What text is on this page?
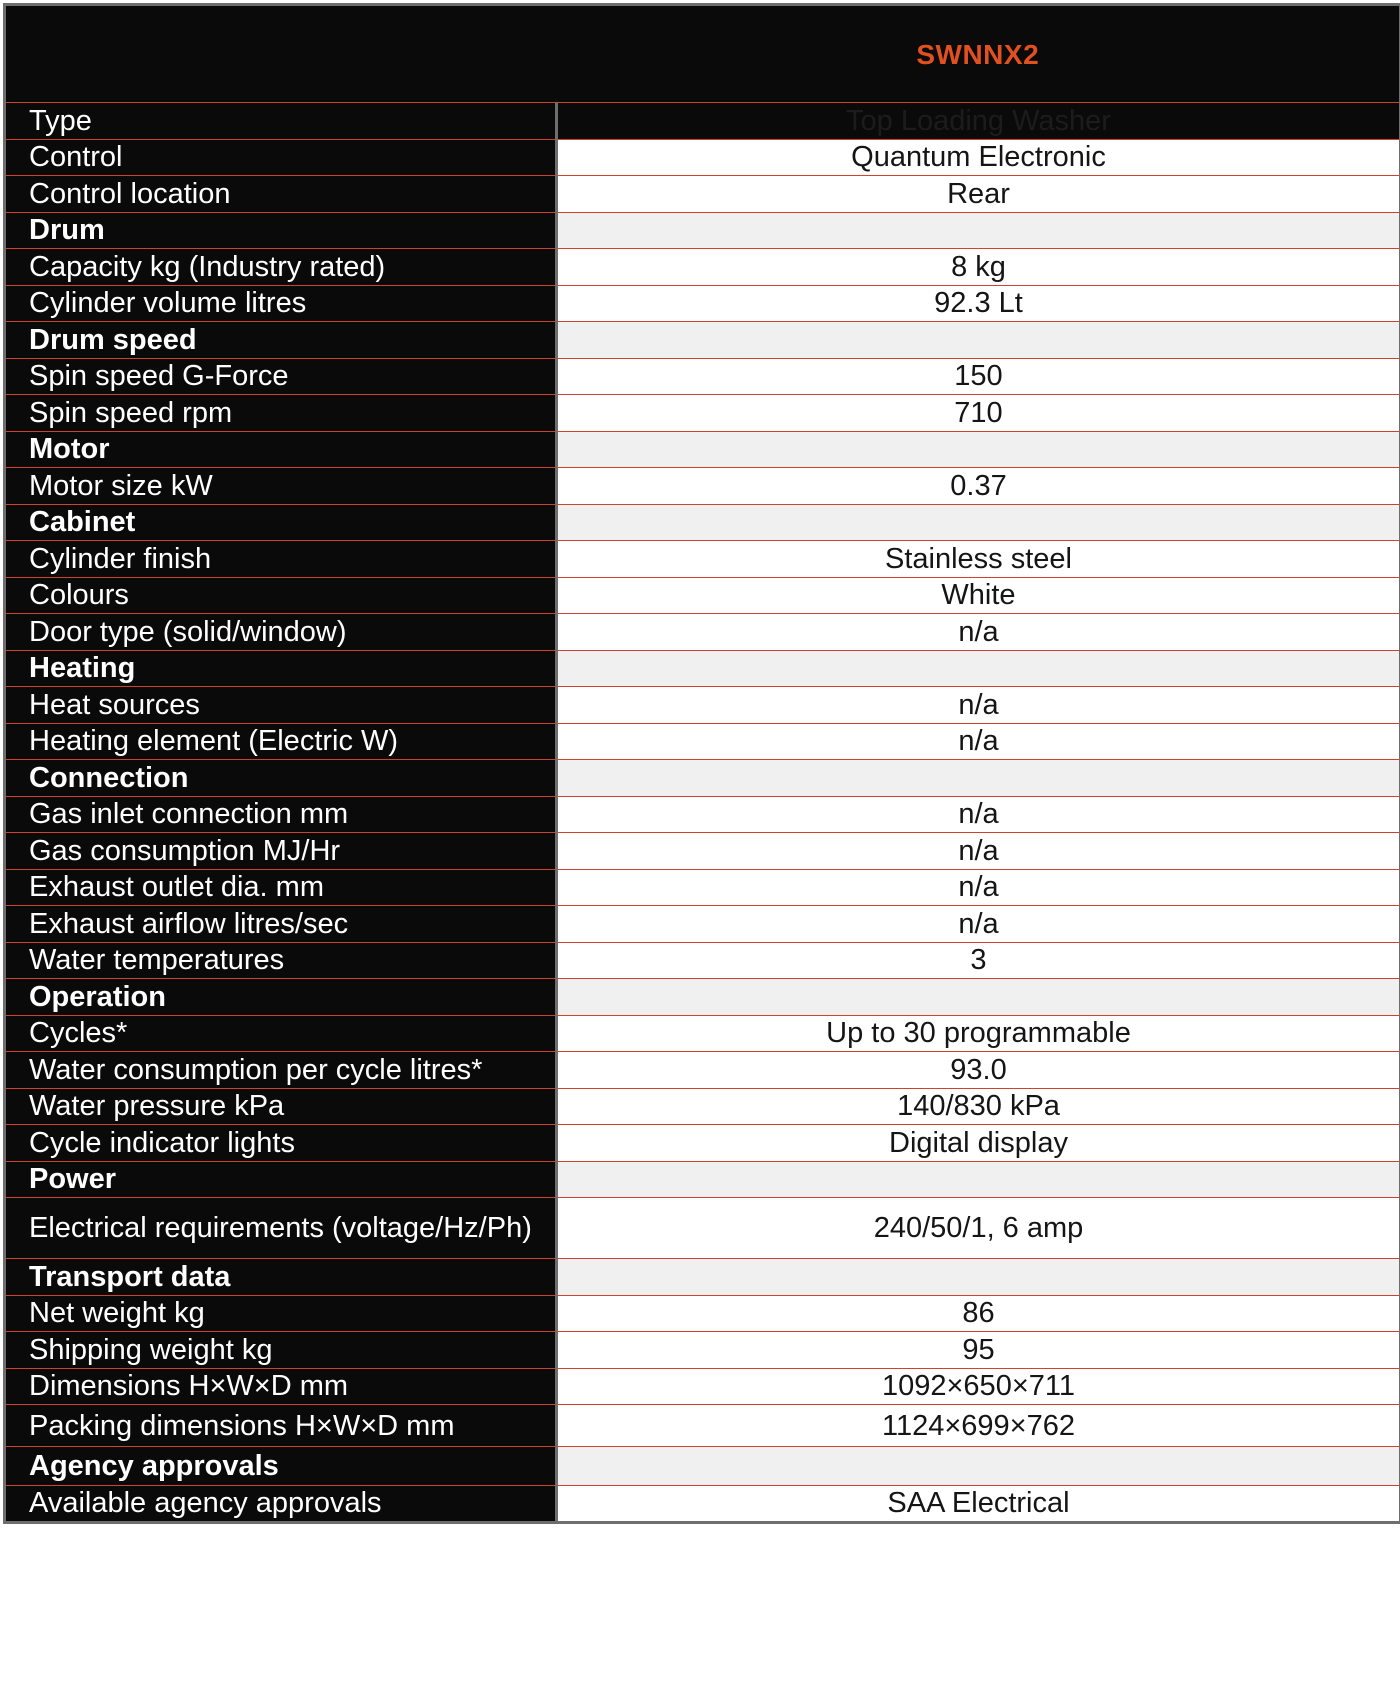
	SWNNX2
Type	Top Loading Washer
Control	Quantum Electronic
Control location	Rear
Drum	
Capacity kg (Industry rated)	8 kg
Cylinder volume litres	92.3 Lt
Drum speed	
Spin speed G-Force	150
Spin speed rpm	710
Motor	
Motor size kW	0.37
Cabinet	
Cylinder finish	Stainless steel
Colours	White
Door type (solid/window)	n/a
Heating	
Heat sources	n/a
Heating element (Electric W)	n/a
Connection	
Gas inlet connection mm	n/a
Gas consumption MJ/Hr	n/a
Exhaust outlet dia. mm	n/a
Exhaust airflow litres/sec	n/a
Water temperatures	3
Operation	
Cycles*	Up to 30 programmable
Water consumption per cycle litres*	93.0
Water pressure kPa	140/830 kPa
Cycle indicator lights	Digital display
Power	
Electrical requirements (voltage/Hz/Ph)	240/50/1, 6 amp
Transport data	
Net weight kg	86
Shipping weight kg	95
Dimensions H×W×D mm	1092×650×711
Packing dimensions H×W×D mm	1124×699×762
Agency approvals	
Available agency approvals	SAA Electrical
